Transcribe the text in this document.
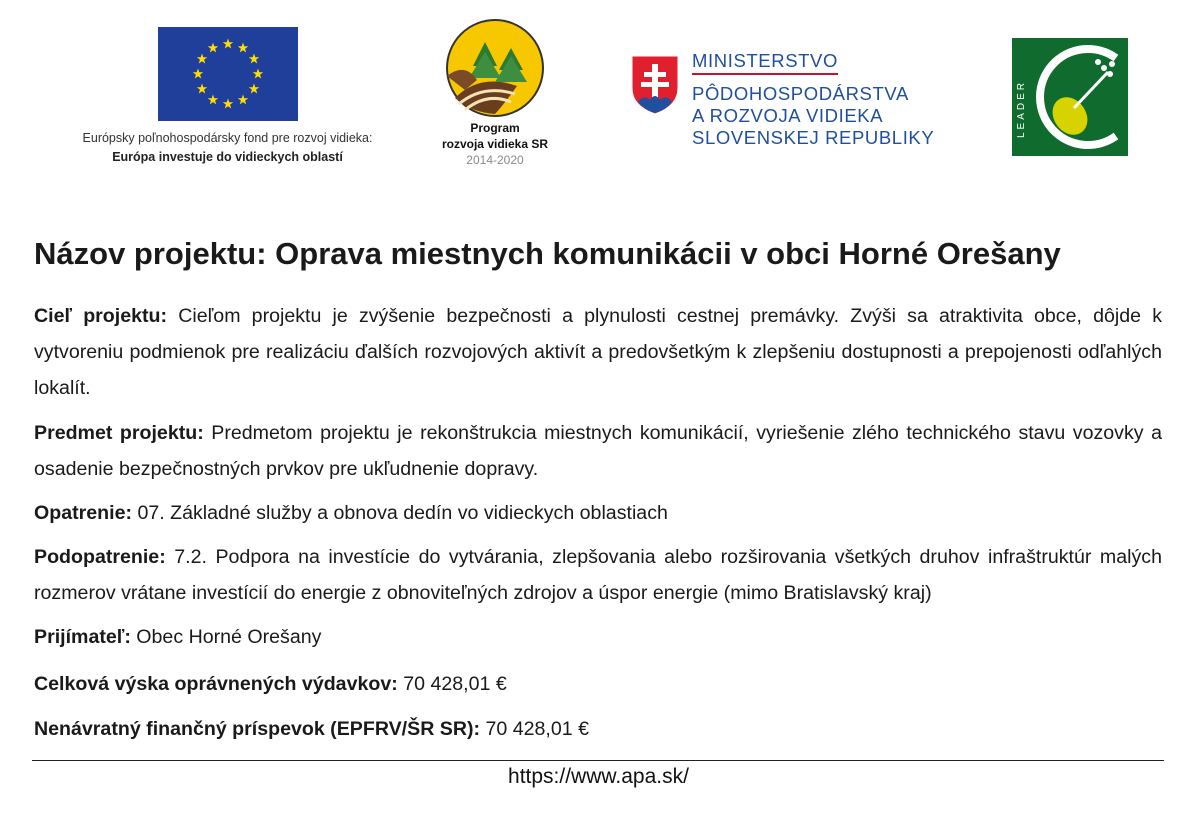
Európsky poľnohospodársky fond pre rozvoj vidieka:
Európa investuje do vidieckych oblastí
Program
rozvoja vidieka SR
2014-2020
MINISTERSTVO
PÔDOHOSPODÁRSTVA
A ROZVOJA VIDIEKA
SLOVENSKEJ REPUBLIKY	LEADER
Názov projektu: Oprava miestnych komunikácii v obci Horné Orešany
Cieľ projektu: Cieľom projektu je zvýšenie bezpečnosti a plynulosti cestnej premávky. Zvýši sa atraktivita obce, dôjde k vytvoreniu podmienok pre realizáciu ďalších rozvojových aktivít a predovšetkým k zlepšeniu dostupnosti a prepojenosti odľahlých lokalít.
Predmet projektu: Predmetom projektu je rekonštrukcia miestnych komunikácií, vyriešenie zlého technického stavu vozovky a osadenie bezpečnostných prvkov pre ukľudnenie dopravy.
Opatrenie: 07. Základné služby a obnova dedín vo vidieckych oblastiach
Podopatrenie: 7.2. Podpora na investície do vytvárania, zlepšovania alebo rozširovania všetkých druhov infraštruktúr malých rozmerov vrátane investícií do energie z obnoviteľných zdrojov a úspor energie (mimo Bratislavský kraj)
Prijímateľ: Obec Horné Orešany
Celková výska oprávnených výdavkov: 70 428,01 €
Nenávratný finančný príspevok (EPFRV/ŠR SR): 70 428,01 €
https://www.apa.sk/
